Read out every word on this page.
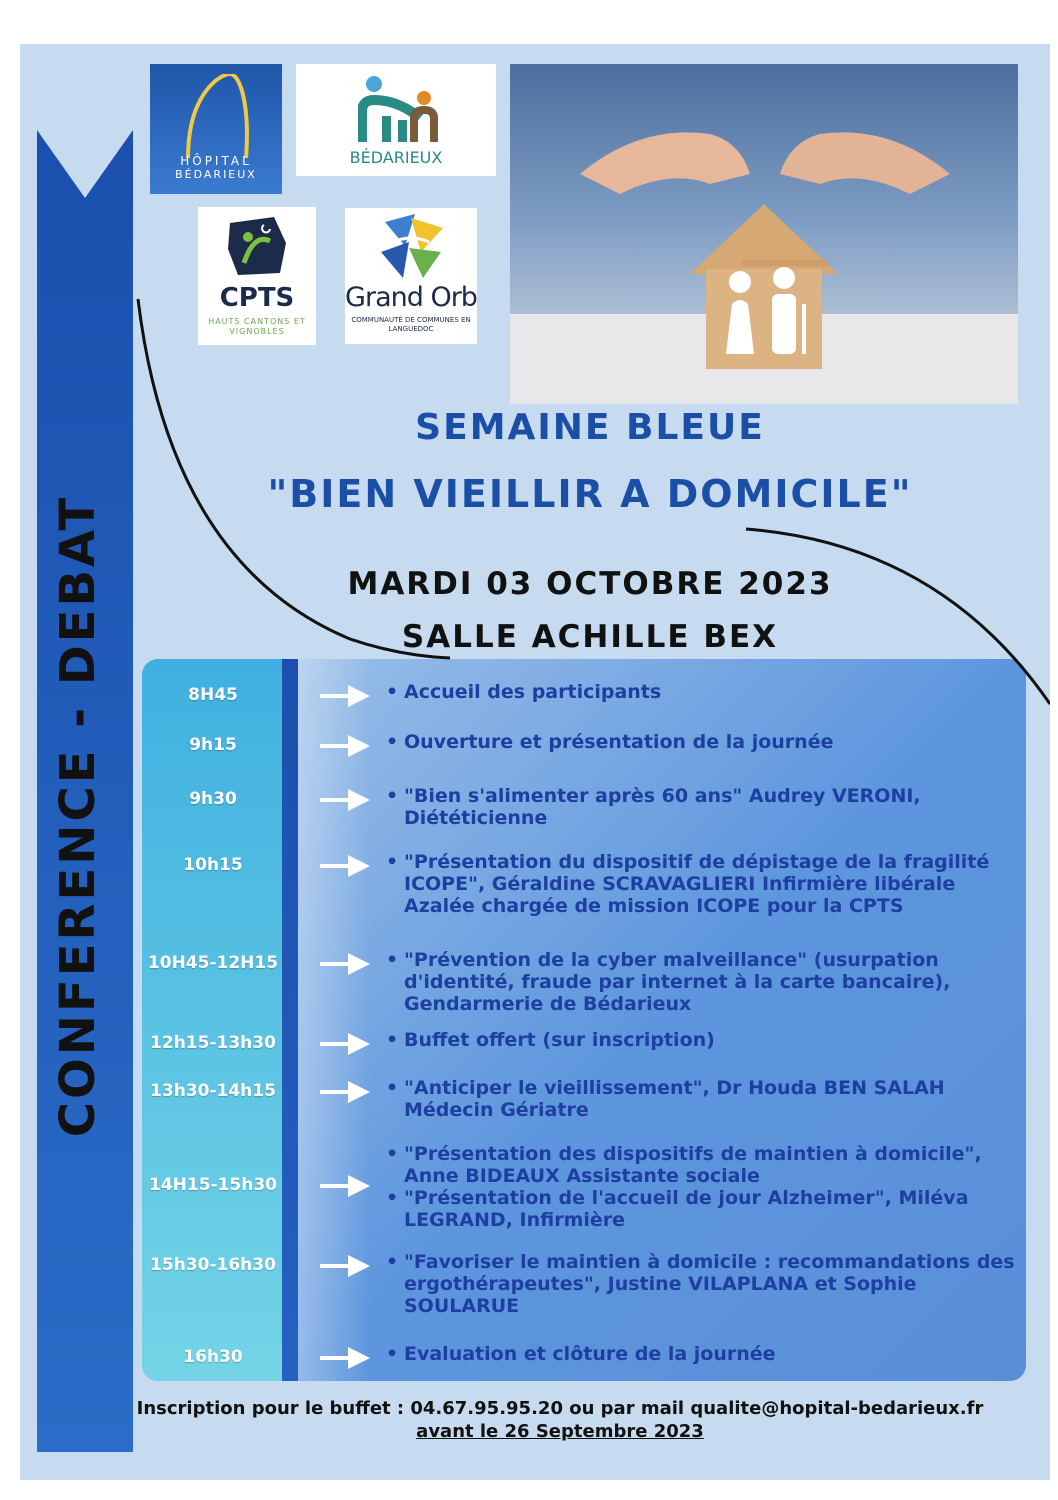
CONFERENCE - DEBAT
HÔPITAL
BÉDARIEUX
BÉDARIEUX
CPTS
HAUTS CANTONS ET VIGNOBLES
Grand Orb
COMMUNAUTÉ DE COMMUNES EN LANGUEDOC
SEMAINE BLEUE
"BIEN VIEILLIR A DOMICILE"
MARDI 03 OCTOBRE 2023
SALLE ACHILLE BEX
8H45	• Accueil des participants
9h15	• Ouverture et présentation de la journée
9h30	• "Bien s'alimenter après 60 ans" Audrey VERONI, Diététicienne
10h15	• "Présentation du dispositif de dépistage de la fragilité ICOPE", Géraldine SCRAVAGLIERI Infirmière libérale Azalée chargée de mission ICOPE pour la CPTS
10H45-12H15	• "Prévention de la cyber malveillance" (usurpation d'identité, fraude par internet à la carte bancaire), Gendarmerie de Bédarieux
12h15-13h30	• Buffet offert (sur inscription)
13h30-14h15	• "Anticiper le vieillissement", Dr Houda BEN SALAH Médecin Gériatre
14H15-15h30
• "Présentation des dispositifs de maintien à domicile", Anne BIDEAUX Assistante sociale
• "Présentation de l'accueil de jour Alzheimer", Miléva LEGRAND, Infirmière
15h30-16h30	• "Favoriser le maintien à domicile : recommandations des ergothérapeutes", Justine VILAPLANA et Sophie SOULARUE
16h30	• Evaluation et clôture de la journée
Inscription pour le buffet : 04.67.95.95.20 ou par mail qualite@hopital-bedarieux.fr
avant le 26 Septembre 2023
